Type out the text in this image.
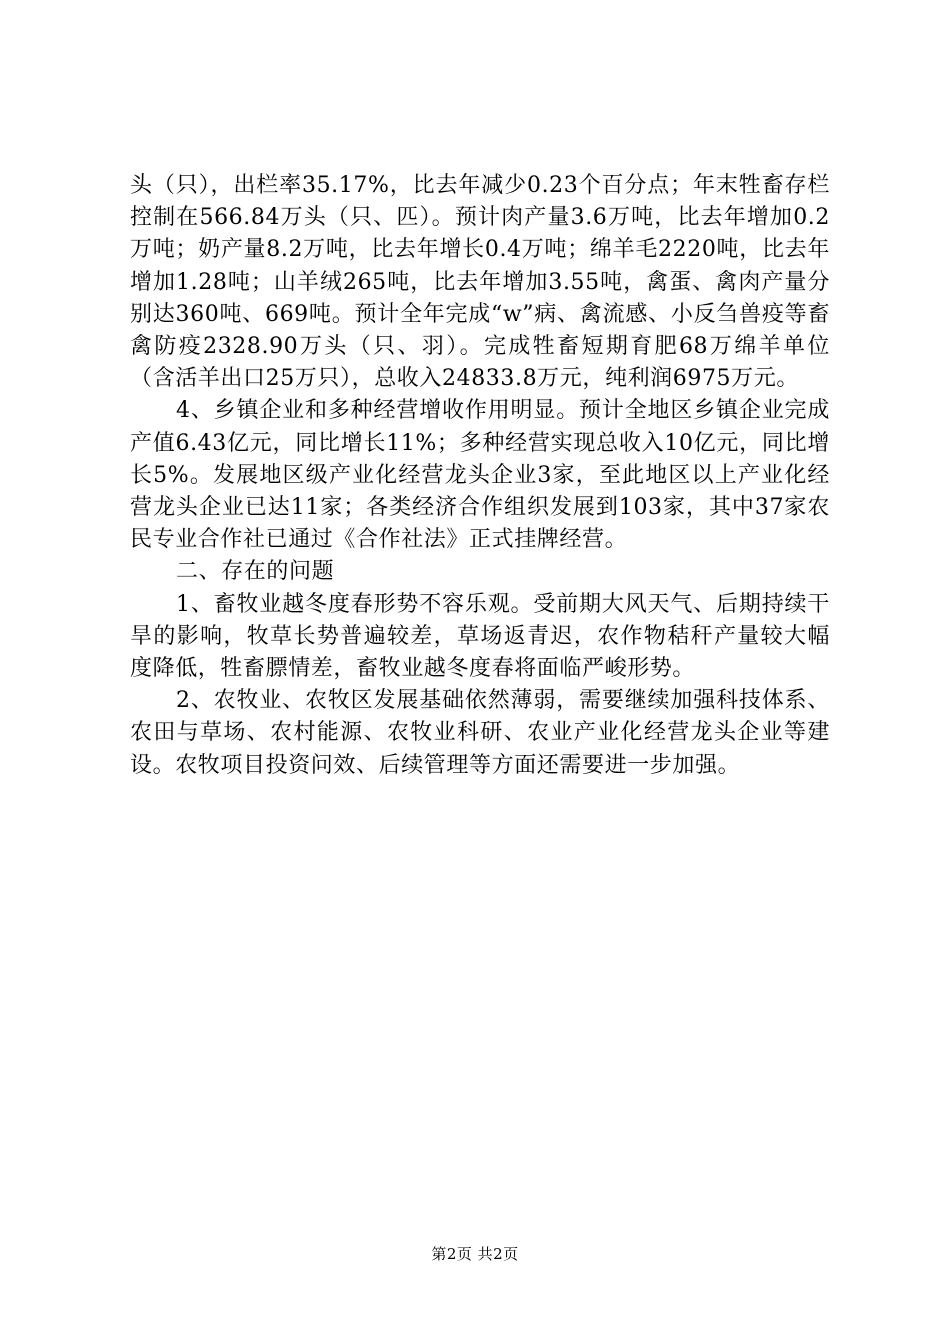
头（只），出栏率35.17%，比去年减少0.23个百分点；年末牲畜存栏控制在566.84万头（只、匹）。预计肉产量3.6万吨，比去年增加0.2万吨；奶产量8.2万吨，比去年增长0.4万吨；绵羊毛2220吨，比去年增加1.28吨；山羊绒265吨，比去年增加3.55吨，禽蛋、禽肉产量分别达360吨、669吨。预计全年完成“w”病、禽流感、小反刍兽疫等畜禽防疫2328.90万头（只、羽）。完成牲畜短期育肥68万绵羊单位（含活羊出口25万只），总收入24833.8万元，纯利润6975万元。

4、乡镇企业和多种经营增收作用明显。预计全地区乡镇企业完成产值6.43亿元，同比增长11%；多种经营实现总收入10亿元，同比增长5%。发展地区级产业化经营龙头企业3家，至此地区以上产业化经营龙头企业已达11家；各类经济合作组织发展到103家，其中37家农民专业合作社已通过《合作社法》正式挂牌经营。

二、存在的问题

1、畜牧业越冬度春形势不容乐观。受前期大风天气、后期持续干旱的影响，牧草长势普遍较差，草场返青迟，农作物秸秆产量较大幅度降低，牲畜膘情差，畜牧业越冬度春将面临严峻形势。

2、农牧业、农牧区发展基础依然薄弱，需要继续加强科技体系、农田与草场、农村能源、农牧业科研、农业产业化经营龙头企业等建设。农牧项目投资问效、后续管理等方面还需要进一步加强。

第2页 共2页
